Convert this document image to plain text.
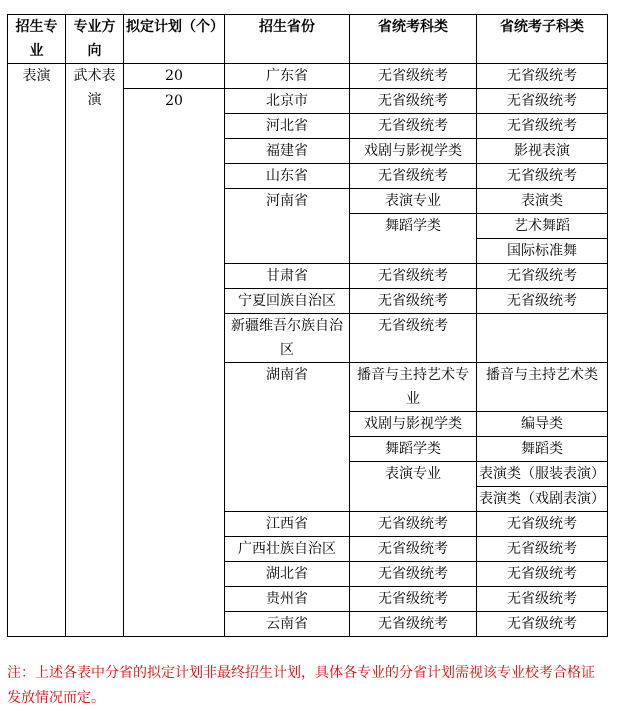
招生专业	专业方向	拟定计划（个）	招生省份	省统考科类	省统考子科类
表演	武术表演	20	广东省	无省级统考	无省级统考
		20	北京市	无省级统考	无省级统考
			河北省	无省级统考	无省级统考
			福建省	戏剧与影视学类	影视表演
			山东省	无省级统考	无省级统考
			河南省	表演专业	表演类
				舞蹈学类	艺术舞蹈
					国际标准舞
			甘肃省	无省级统考	无省级统考
			宁夏回族自治区	无省级统考	无省级统考
			新疆维吾尔族自治区	无省级统考	
			湖南省	播音与主持艺术专业	播音与主持艺术类
				戏剧与影视学类	编导类
				舞蹈学类	舞蹈类
				表演专业	表演类（服装表演）
					表演类（戏剧表演）
			江西省	无省级统考	无省级统考
			广西壮族自治区	无省级统考	无省级统考
			湖北省	无省级统考	无省级统考
			贵州省	无省级统考	无省级统考
			云南省	无省级统考	无省级统考
注：上述各表中分省的拟定计划非最终招生计划，具体各专业的分省计划需视该专业校考合格证发放情况而定。
